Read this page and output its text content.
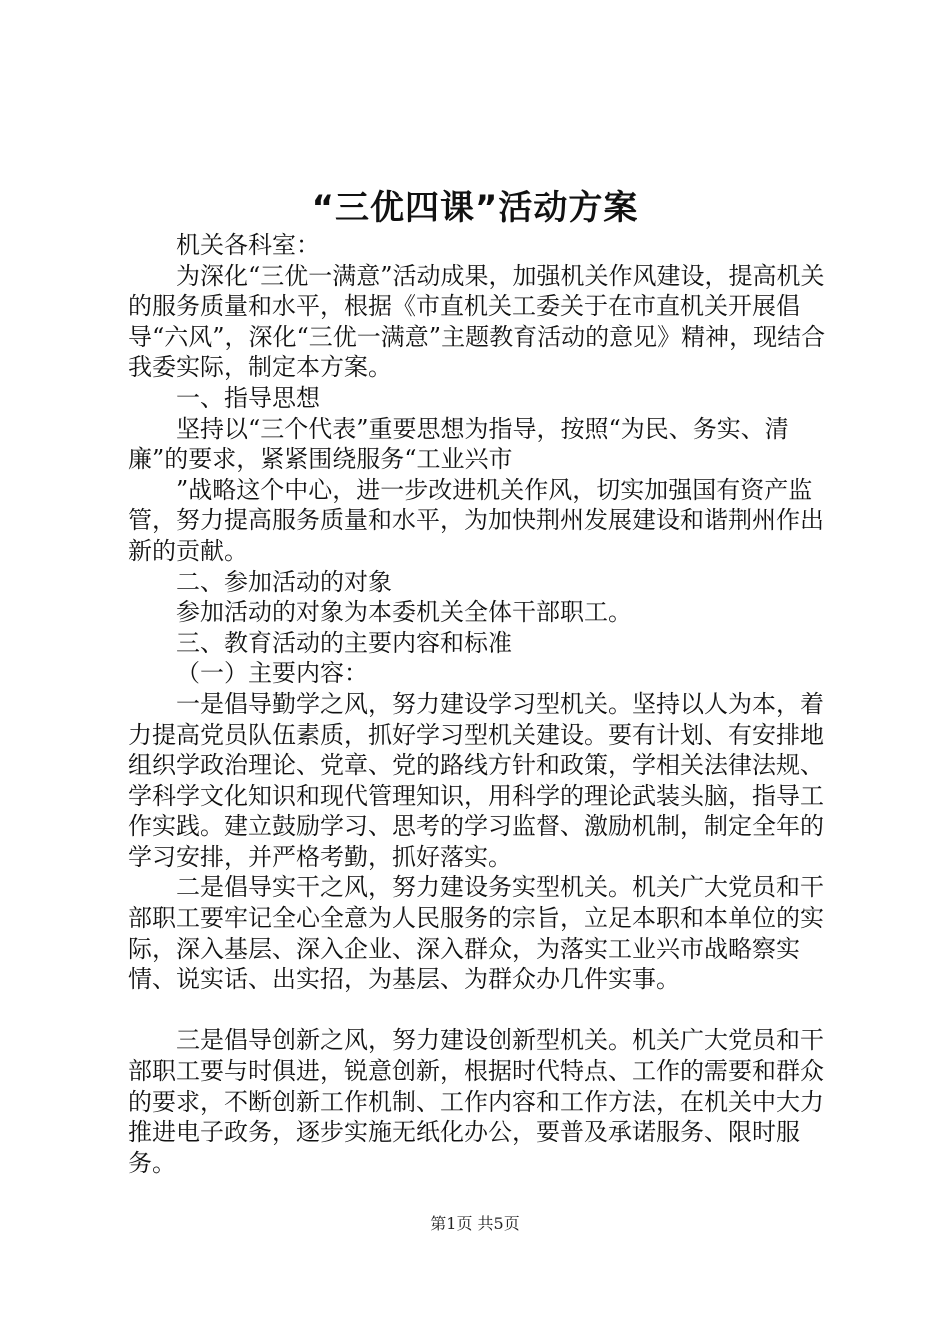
“三优四课”活动方案

机关各科室：

为深化“三优一满意”活动成果，加强机关作风建设，提高机关的服务质量和水平，根据《市直机关工委关于在市直机关开展倡导“六风”，深化“三优一满意”主题教育活动的意见》精神，现结合我委实际，制定本方案。

一、指导思想

坚持以“三个代表”重要思想为指导，按照“为民、务实、清廉”的要求，紧紧围绕服务“工业兴市

”战略这个中心，进一步改进机关作风，切实加强国有资产监管，努力提高服务质量和水平，为加快荆州发展建设和谐荆州作出新的贡献。

二、参加活动的对象

参加活动的对象为本委机关全体干部职工。

三、教育活动的主要内容和标准

（一）主要内容：

一是倡导勤学之风，努力建设学习型机关。坚持以人为本，着力提高党员队伍素质，抓好学习型机关建设。要有计划、有安排地组织学政治理论、党章、党的路线方针和政策，学相关法律法规、学科学文化知识和现代管理知识，用科学的理论武装头脑，指导工作实践。建立鼓励学习、思考的学习监督、激励机制，制定全年的学习安排，并严格考勤，抓好落实。

二是倡导实干之风，努力建设务实型机关。机关广大党员和干部职工要牢记全心全意为人民服务的宗旨，立足本职和本单位的实际，深入基层、深入企业、深入群众，为落实工业兴市战略察实情、说实话、出实招，为基层、为群众办几件实事。

三是倡导创新之风，努力建设创新型机关。机关广大党员和干部职工要与时俱进，锐意创新，根据时代特点、工作的需要和群众的要求，不断创新工作机制、工作内容和工作方法，在机关中大力推进电子政务，逐步实施无纸化办公，要普及承诺服务、限时服务。

第1页 共5页
